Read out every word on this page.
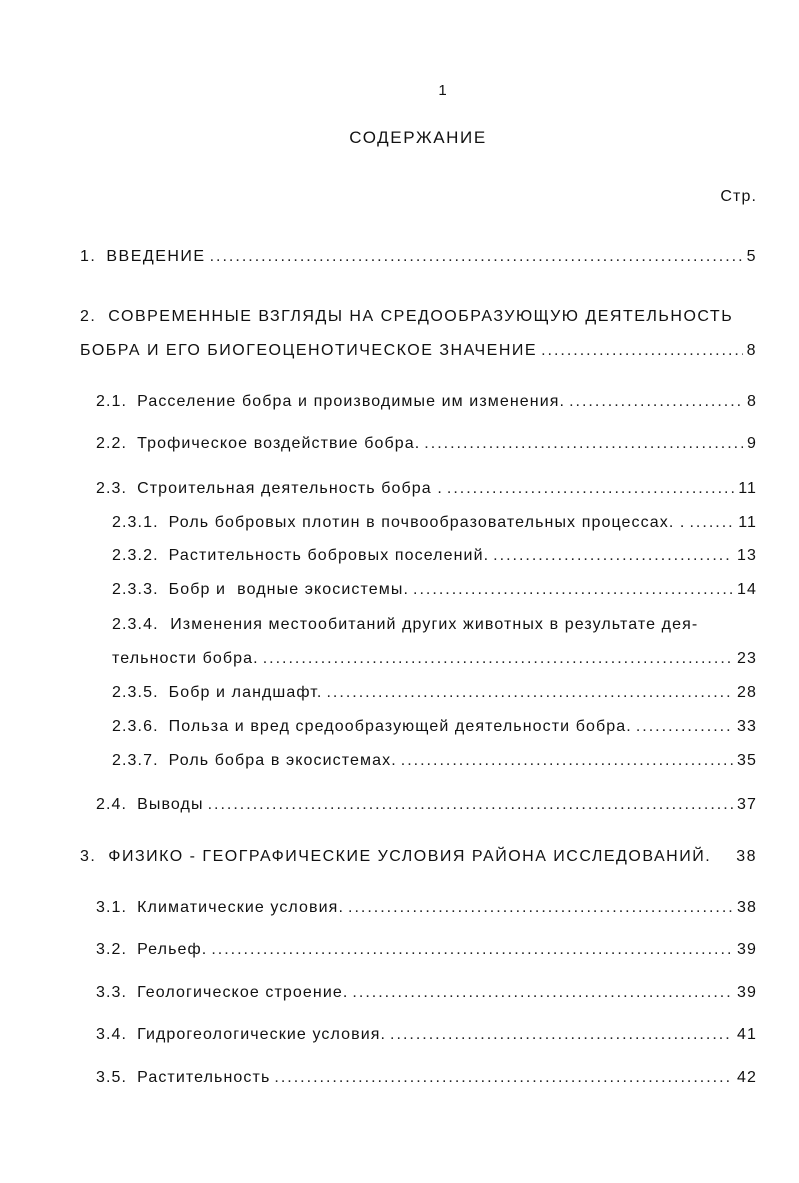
1
СОДЕРЖАНИЕ
Стр.
1. ВВЕДЕНИЕ .....	5
2. СОВРЕМЕННЫЕ ВЗГЛЯДЫ НА СРЕДООБРАЗУЮЩУЮ ДЕЯТЕЛЬНОСТЬ
БОБРА И ЕГО БИОГЕОЦЕНОТИЧЕСКОЕ ЗНАЧЕНИЕ .....	8
2.1. Расселение бобра и производимые им изменения. .....	8
2.2. Трофическое воздействие бобра. .....	9
2.3. Строительная деятельность бобра . .....	11
2.3.1. Роль бобровых плотин в почвообразовательных процессах. . .....	11
2.3.2. Растительность бобровых поселений. .....	13
2.3.3. Бобр и  водные экосистемы. .....	14
2.3.4. Изменения местообитаний других животных в результате дея-
тельности бобра. .....	23
2.3.5. Бобр и ландшафт. .....	28
2.3.6. Польза и вред средообразующей деятельности бобра. .....	33
2.3.7. Роль бобра в экосистемах. .....	35
2.4. Выводы .....	37
3. ФИЗИКО - ГЕОГРАФИЧЕСКИЕ УСЛОВИЯ РАЙОНА ИССЛЕДОВАНИЙ. 38
3.1. Климатические условия. .....	38
3.2. Рельеф. .....	39
3.3. Геологическое строение. .....	39
3.4. Гидрогеологические условия. .....	41
3.5. Растительность .....	42
